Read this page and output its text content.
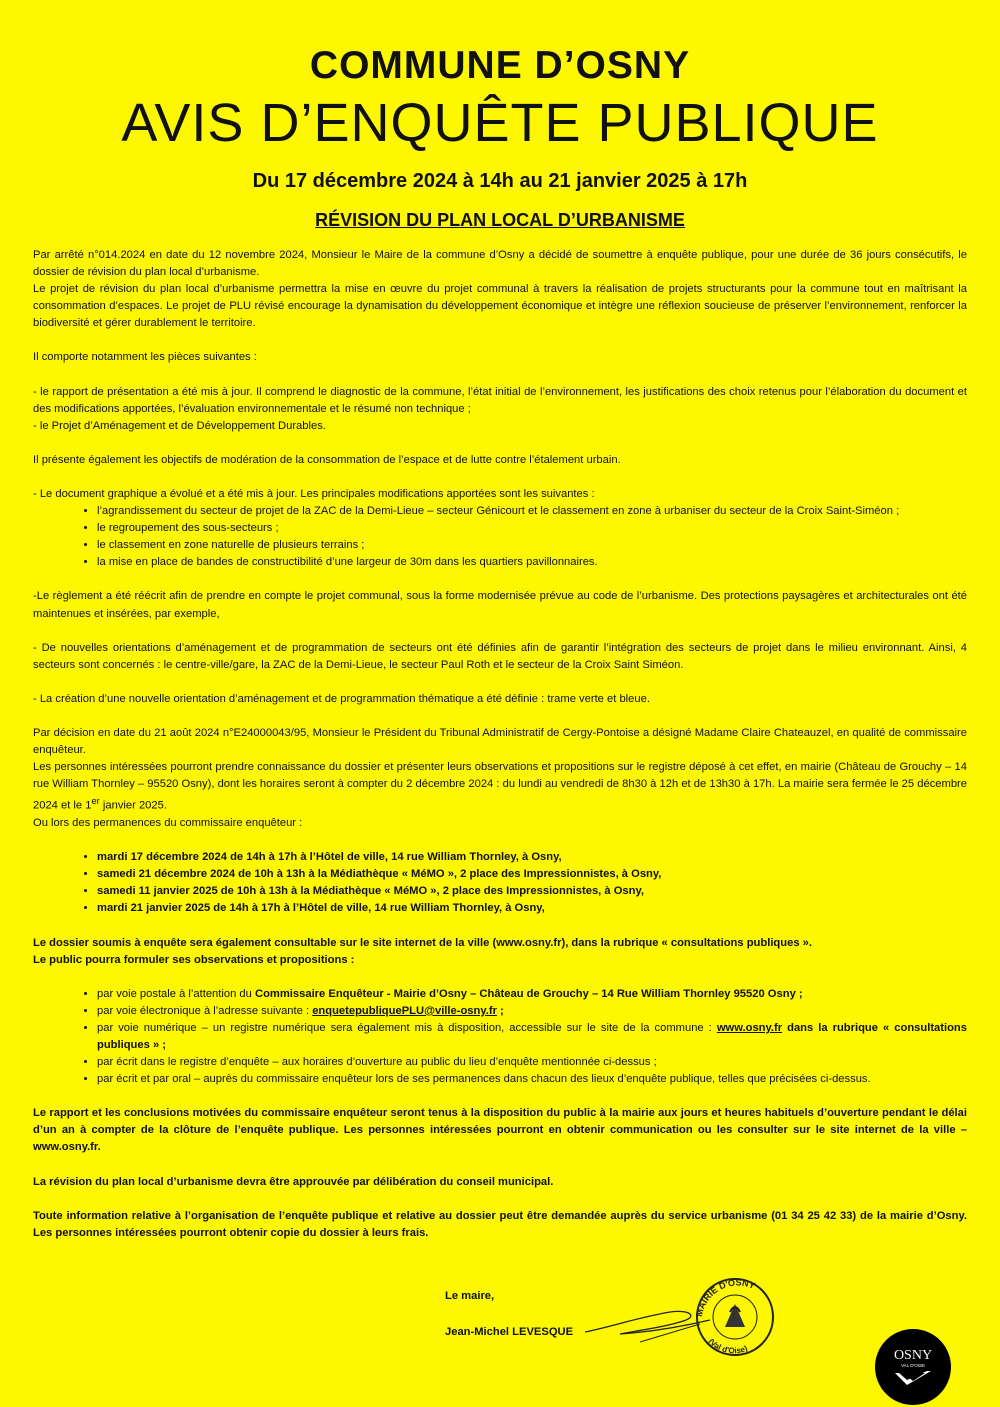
COMMUNE D’OSNY
AVIS D’ENQUÊTE PUBLIQUE
Du 17 décembre 2024 à 14h au 21 janvier 2025 à 17h
RÉVISION DU PLAN LOCAL D’URBANISME

Par arrêté n°014.2024 en date du 12 novembre 2024, Monsieur le Maire de la commune d’Osny a décidé de soumettre à enquête publique, pour une durée de 36 jours consécutifs, le dossier de révision du plan local d’urbanisme.

Le projet de révision du plan local d’urbanisme permettra la mise en œuvre du projet communal à travers la réalisation de projets structurants pour la commune tout en maîtrisant la consommation d’espaces. Le projet de PLU révisé encourage la dynamisation du développement économique et intègre une réflexion soucieuse de préserver l’environnement, renforcer la biodiversité et gérer durablement le territoire.

Il comporte notamment les pièces suivantes :

- le rapport de présentation a été mis à jour. Il comprend le diagnostic de la commune, l’état initial de l’environnement, les justifications des choix retenus pour l’élaboration du document et des modifications apportées, l’évaluation environnementale et le résumé non technique ;

- le Projet d’Aménagement et de Développement Durables.

Il présente également les objectifs de modération de la consommation de l’espace et de lutte contre l’étalement urbain.

- Le document graphique a évolué et a été mis à jour. Les principales modifications apportées sont les suivantes :

• l’agrandissement du secteur de projet de la ZAC de la Demi-Lieue – secteur Génicourt et le classement en zone à urbaniser du secteur de la Croix Saint-Siméon ;
• le regroupement des sous-secteurs ;
• le classement en zone naturelle de plusieurs terrains ;
• la mise en place de bandes de constructibilité d’une largeur de 30m dans les quartiers pavillonnaires.

-Le règlement a été réécrit afin de prendre en compte le projet communal, sous la forme modernisée prévue au code de l’urbanisme. Des protections paysagères et architecturales ont été maintenues et insérées, par exemple,

- De nouvelles orientations d’aménagement et de programmation de secteurs ont été définies afin de garantir l’intégration des secteurs de projet dans le milieu environnant. Ainsi, 4 secteurs sont concernés : le centre-ville/gare, la ZAC de la Demi-Lieue, le secteur Paul Roth et le secteur de la Croix Saint Siméon.

- La création d’une nouvelle orientation d’aménagement et de programmation thématique a été définie : trame verte et bleue.

Par décision en date du 21 août 2024 n°E24000043/95, Monsieur le Président du Tribunal Administratif de Cergy-Pontoise a désigné Madame Claire Chateauzel, en qualité de commissaire enquêteur.

Les personnes intéressées pourront prendre connaissance du dossier et présenter leurs observations et propositions sur le registre déposé à cet effet, en mairie (Château de Grouchy – 14 rue William Thornley – 95520 Osny), dont les horaires seront à compter du 2 décembre 2024 : du lundi au vendredi de 8h30 à 12h et de 13h30 à 17h. La mairie sera fermée le 25 décembre 2024 et le 1er janvier 2025.

Ou lors des permanences du commissaire enquêteur :

• mardi 17 décembre 2024 de 14h à 17h à l’Hôtel de ville, 14 rue William Thornley, à Osny,
• samedi 21 décembre 2024 de 10h à 13h à la Médiathèque « MéMO », 2 place des Impressionnistes, à Osny,
• samedi 11 janvier 2025 de 10h à 13h à la Médiathèque « MéMO », 2 place des Impressionnistes, à Osny,
• mardi 21 janvier 2025 de 14h à 17h à l’Hôtel de ville, 14 rue William Thornley, à Osny,

Le dossier soumis à enquête sera également consultable sur le site internet de la ville (www.osny.fr), dans la rubrique « consultations publiques ».

Le public pourra formuler ses observations et propositions :

• par voie postale à l’attention du Commissaire Enquêteur - Mairie d’Osny – Château de Grouchy – 14 Rue William Thornley 95520 Osny ;
• par voie électronique à l’adresse suivante : enquetepubliquePLU@ville-osny.fr ;
• par voie numérique – un registre numérique sera également mis à disposition, accessible sur le site de la commune : www.osny.fr dans la rubrique « consultations publiques » ;
• par écrit dans le registre d’enquête – aux horaires d’ouverture au public du lieu d’enquête mentionnée ci-dessus ;
• par écrit et par oral – auprès du commissaire enquêteur lors de ses permanences dans chacun des lieux d’enquête publique, telles que précisées ci-dessus.

Le rapport et les conclusions motivées du commissaire enquêteur seront tenus à la disposition du public à la mairie aux jours et heures habituels d’ouverture pendant le délai d’un an à compter de la clôture de l’enquête publique. Les personnes intéressées pourront en obtenir communication ou les consulter sur le site internet de la ville – www.osny.fr.

La révision du plan local d’urbanisme devra être approuvée par délibération du conseil municipal.

Toute information relative à l’organisation de l’enquête publique et relative au dossier peut être demandée auprès du service urbanisme (01 34 25 42 33) de la mairie d’Osny. Les personnes intéressées pourront obtenir copie du dossier à leurs frais.

Le maire,
Jean-Michel LEVESQUE
MAIRIE D'OSNY
(Val d'Oise)	OSNY
VAL D'OISE
